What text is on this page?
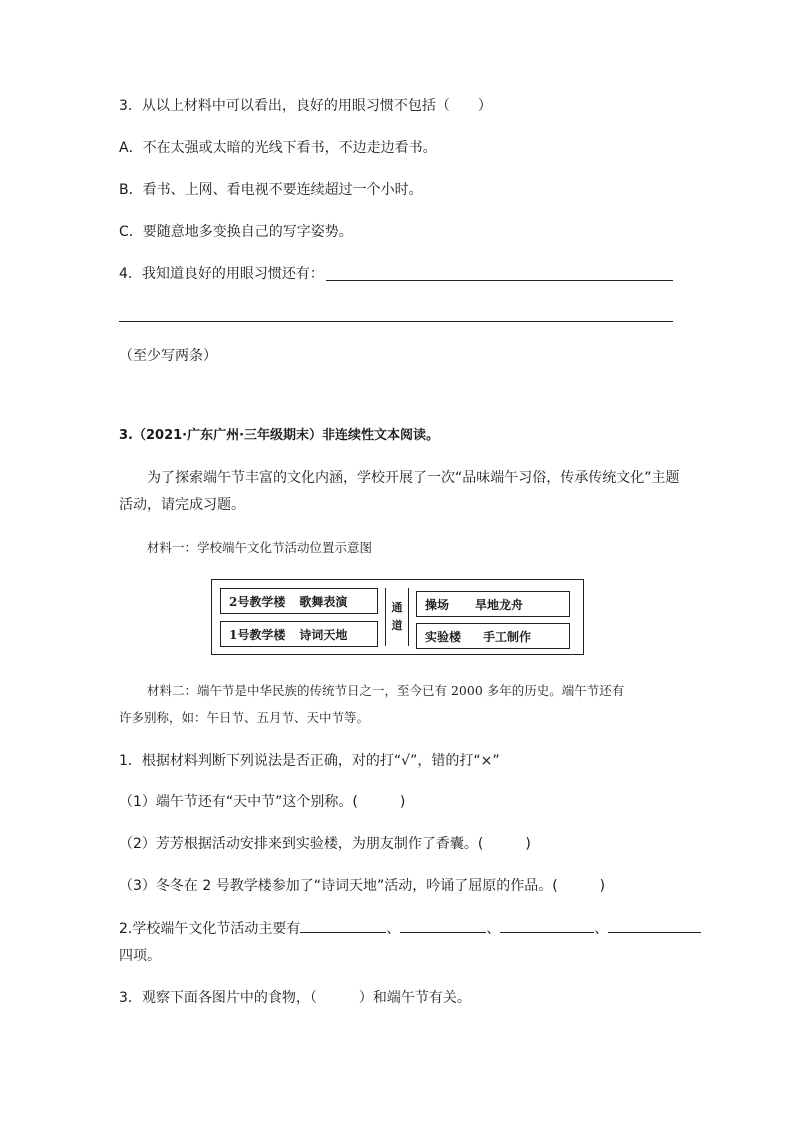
3．从以上材料中可以看出，良好的用眼习惯不包括（　　）
A．不在太强或太暗的光线下看书，不边走边看书。
B．看书、上网、看电视不要连续超过一个小时。
C．要随意地多变换自己的写字姿势。
4．我知道良好的用眼习惯还有：
（至少写两条）
3.（2021·广东广州·三年级期末）非连续性文本阅读。
为了探索端午节丰富的文化内涵，学校开展了一次“品味端午习俗，传承传统文化”主题
活动，请完成习题。
材料一：学校端午文化节活动位置示意图
2号教学楼 歌舞表演
1号教学楼 诗词天地
通
道
操场 旱地龙舟
实验楼 手工制作
材料二：端午节是中华民族的传统节日之一，至今已有 2000 多年的历史。端午节还有
许多别称，如：午日节、五月节、天中节等。
1．根据材料判断下列说法是否正确，对的打“√”，错的打“×”
（1）端午节还有“天中节”这个别称。(　　　)
（2）芳芳根据活动安排来到实验楼，为朋友制作了香囊。(　　　)
（3）冬冬在 2 号教学楼参加了“诗词天地”活动，吟诵了屈原的作品。(　　　)
2.学校端午文化节活动主要有	、	、	、
四项。
3．观察下面各图片中的食物，（　　　）和端午节有关。
